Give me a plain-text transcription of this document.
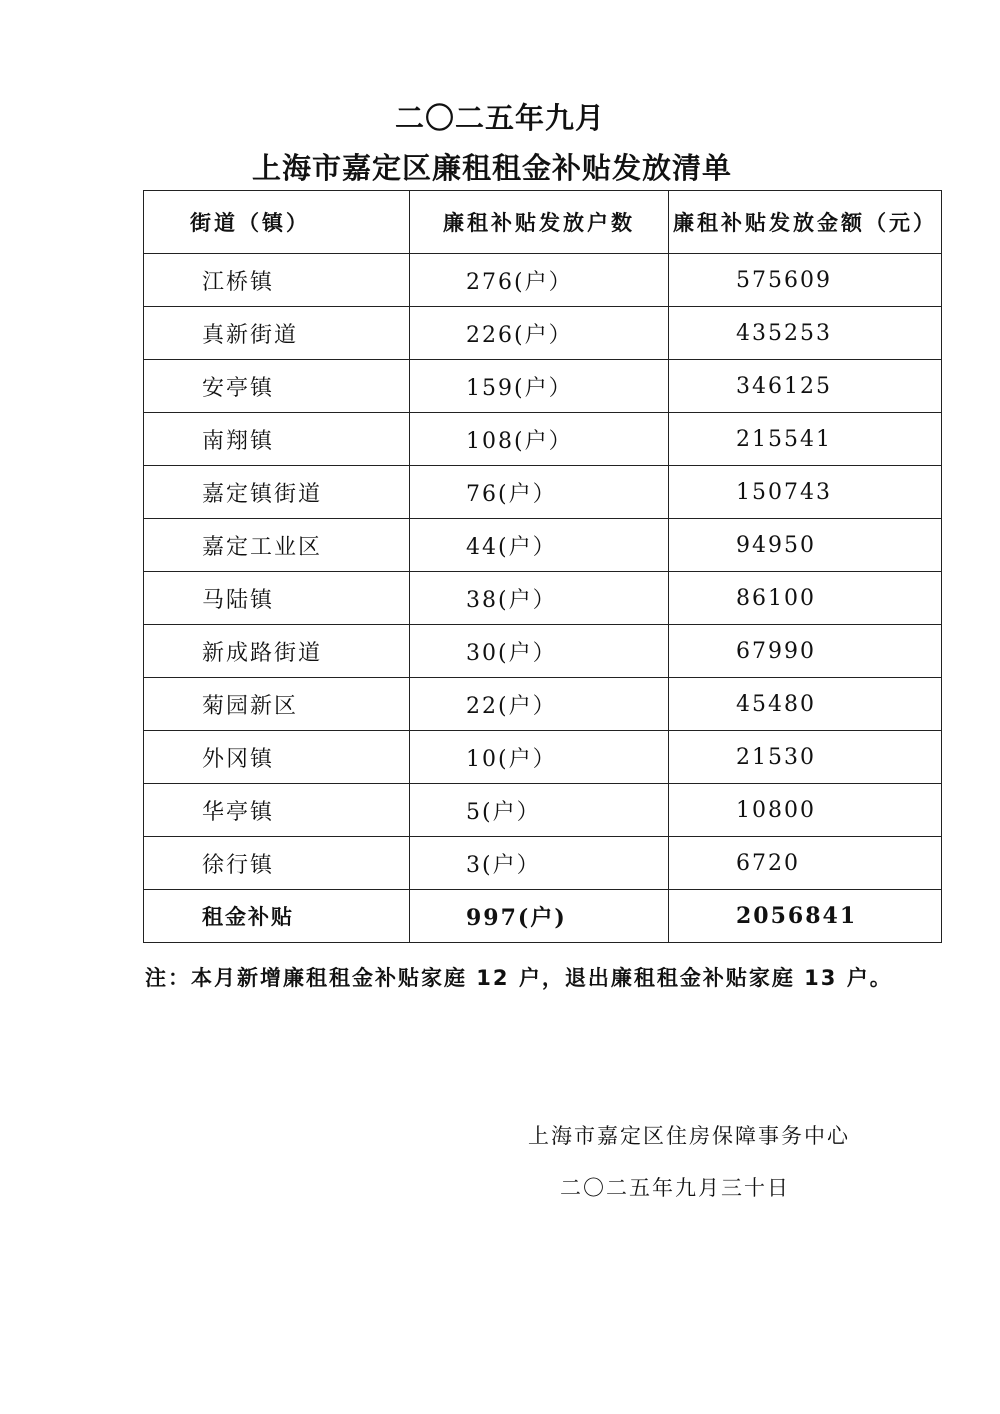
二〇二五年九月
上海市嘉定区廉租租金补贴发放清单
街道（镇）	廉租补贴发放户数	廉租补贴发放金额（元）
江桥镇	276(户）	575609
真新街道	226(户）	435253
安亭镇	159(户）	346125
南翔镇	108(户）	215541
嘉定镇街道	76(户）	150743
嘉定工业区	44(户）	94950
马陆镇	38(户）	86100
新成路街道	30(户）	67990
菊园新区	22(户）	45480
外冈镇	10(户）	21530
华亭镇	5(户）	10800
徐行镇	3(户）	6720
租金补贴	997(户)	2056841

注：本月新增廉租租金补贴家庭 12 户，退出廉租租金补贴家庭 13 户。

上海市嘉定区住房保障事务中心

二〇二五年九月三十日
